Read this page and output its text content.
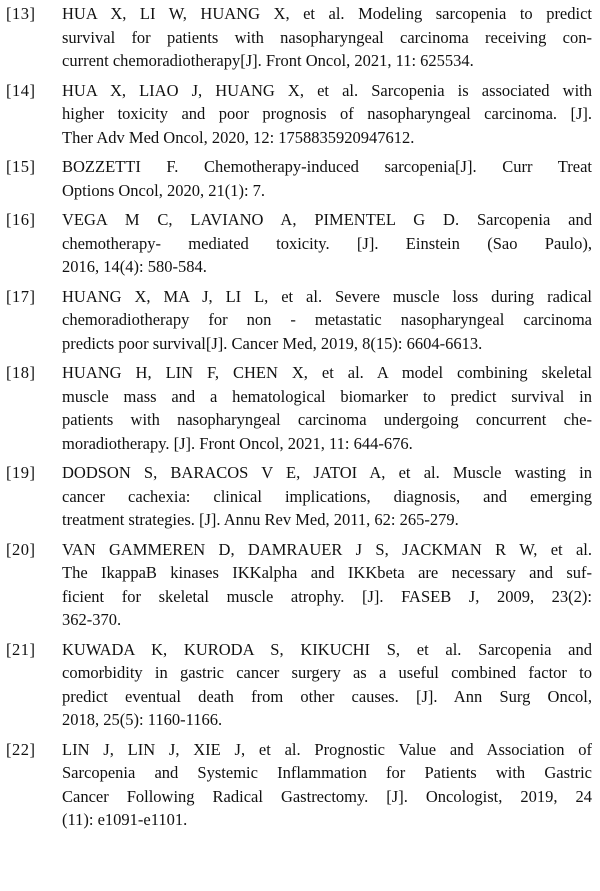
[13]	HUA X, LI W, HUANG X, et al. Modeling sarcopenia to predict
survival for patients with nasopharyngeal carcinoma receiving con-
current chemoradiotherapy[J]. Front Oncol, 2021, 11: 625534.
[14]	HUA X, LIAO J, HUANG X, et al. Sarcopenia is associated with
higher toxicity and poor prognosis of nasopharyngeal carcinoma. [J].
Ther Adv Med Oncol, 2020, 12: 1758835920947612.
[15]	BOZZETTI F. Chemotherapy-induced sarcopenia[J]. Curr Treat
Options Oncol, 2020, 21(1): 7.
[16]	VEGA M C, LAVIANO A, PIMENTEL G D. Sarcopenia and
chemotherapy- mediated toxicity. [J]. Einstein (Sao Paulo),
2016, 14(4): 580-584.
[17]	HUANG X, MA J, LI L, et al. Severe muscle loss during radical
chemoradiotherapy for non - metastatic nasopharyngeal carcinoma
predicts poor survival[J]. Cancer Med, 2019, 8(15): 6604-6613.
[18]	HUANG H, LIN F, CHEN X, et al. A model combining skeletal
muscle mass and a hematological biomarker to predict survival in
patients with nasopharyngeal carcinoma undergoing concurrent che-
moradiotherapy. [J]. Front Oncol, 2021, 11: 644-676.
[19]	DODSON S, BARACOS V E, JATOI A, et al. Muscle wasting in
cancer cachexia: clinical implications, diagnosis, and emerging
treatment strategies. [J]. Annu Rev Med, 2011, 62: 265-279.
[20]	VAN GAMMEREN D, DAMRAUER J S, JACKMAN R W, et al.
The IkappaB kinases IKKalpha and IKKbeta are necessary and suf-
ficient for skeletal muscle atrophy. [J]. FASEB J, 2009, 23(2):
362-370.
[21]	KUWADA K, KURODA S, KIKUCHI S, et al. Sarcopenia and
comorbidity in gastric cancer surgery as a useful combined factor to
predict eventual death from other causes. [J]. Ann Surg Oncol,
2018, 25(5): 1160-1166.
[22]	LIN J, LIN J, XIE J, et al. Prognostic Value and Association of
Sarcopenia and Systemic Inflammation for Patients with Gastric
Cancer Following Radical Gastrectomy. [J]. Oncologist, 2019, 24
(11): e1091-e1101.
